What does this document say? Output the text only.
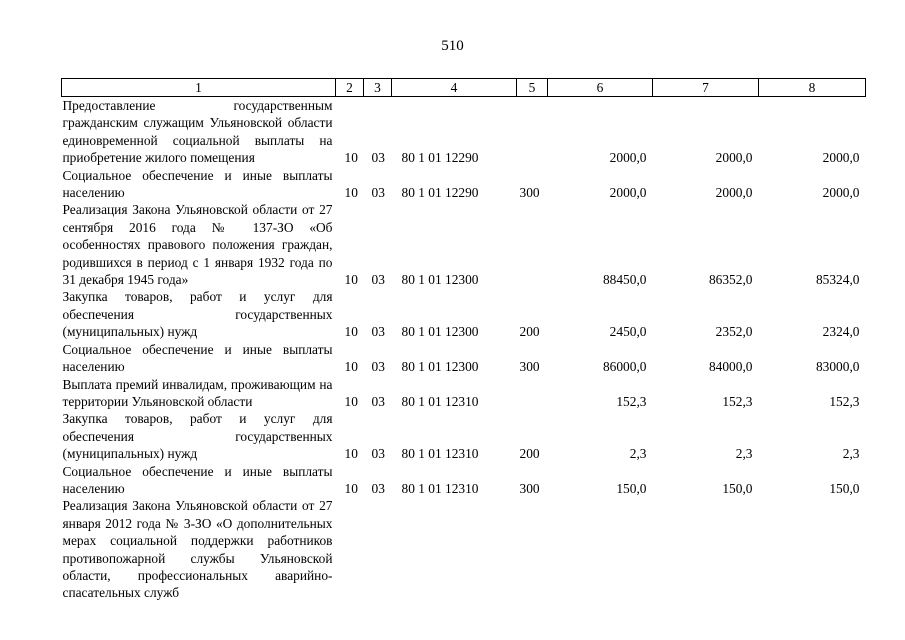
510
1	2	3	4	5	6	7	8
Предоставление государственным гражданским служащим Ульяновской области единовременной социальной выплаты на приобретение жилого помещения	10	03	80 1 01 12290		2000,0	2000,0	2000,0
Социальное обеспечение и иные выплаты населению	10	03	80 1 01 12290	300	2000,0	2000,0	2000,0
Реализация Закона Ульяновской области от 27 сентября 2016 года № 137-ЗО «Об особенностях правового положения граждан, родившихся в период с 1 января 1932 года по 31 декабря 1945 года»	10	03	80 1 01 12300		88450,0	86352,0	85324,0
Закупка товаров, работ и услуг для обеспечения государственных (муниципальных) нужд	10	03	80 1 01 12300	200	2450,0	2352,0	2324,0
Социальное обеспечение и иные выплаты населению	10	03	80 1 01 12300	300	86000,0	84000,0	83000,0
Выплата премий инвалидам, проживающим на территории Ульяновской области	10	03	80 1 01 12310		152,3	152,3	152,3
Закупка товаров, работ и услуг для обеспечения государственных (муниципальных) нужд	10	03	80 1 01 12310	200	2,3	2,3	2,3
Социальное обеспечение и иные выплаты населению	10	03	80 1 01 12310	300	150,0	150,0	150,0
Реализация Закона Ульяновской области от 27 января 2012 года № 3-ЗО «О дополнительных мерах социальной поддержки работников противопожарной службы Ульяновской области, профессиональных аварийно-спасательных служб							
